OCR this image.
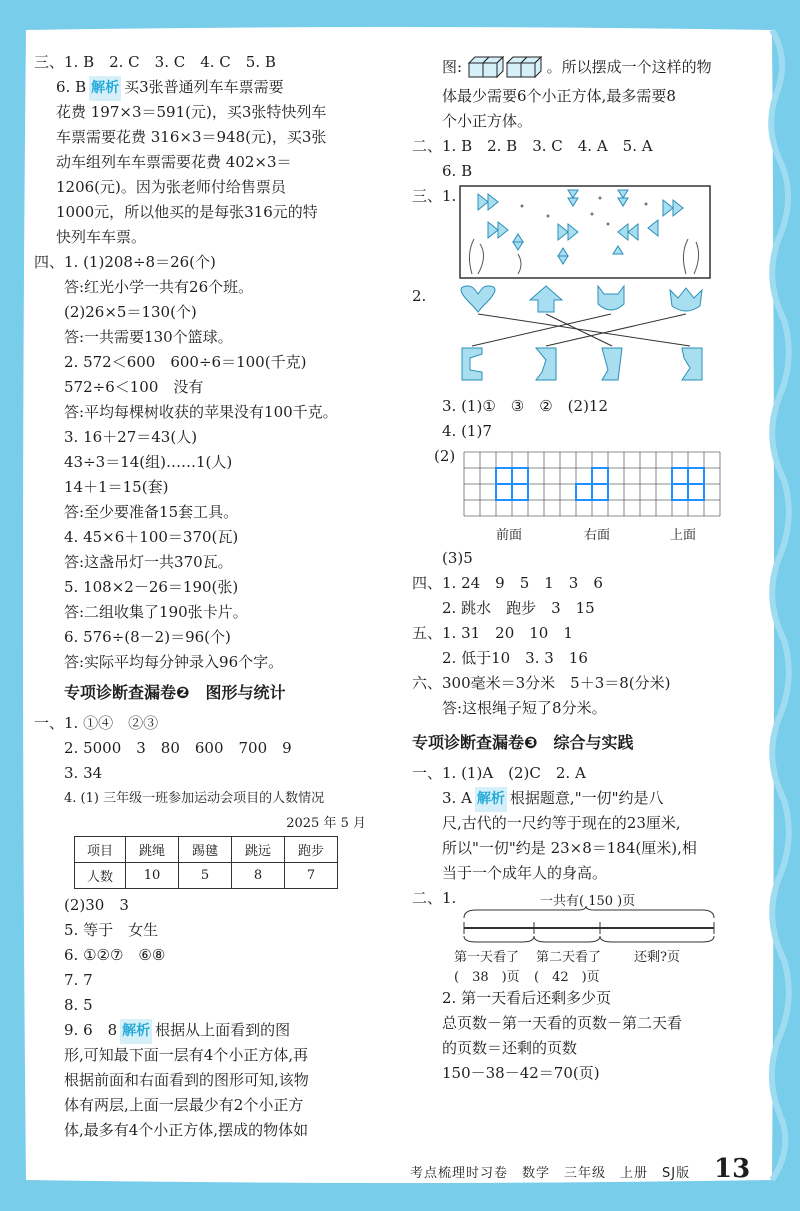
三、1. B　2. C　3. C　4. C　5. B
6. B 解析 买3张普通列车车票需要
花费 197×3＝591(元)，买3张特快列车
车票需要花费 316×3＝948(元)，买3张
动车组列车车票需要花费 402×3＝
1206(元)。因为张老师付给售票员
1000元，所以他买的是每张316元的特
快列车车票。
四、1. (1)208÷8＝26(个)
答:红光小学一共有26个班。
(2)26×5＝130(个)
答:一共需要130个篮球。
2. 572＜600　600÷6＝100(千克)
572÷6＜100　没有
答:平均每棵树收获的苹果没有100千克。
3. 16＋27＝43(人)
43÷3＝14(组)……1(人)
14＋1＝15(套)
答:至少要准备15套工具。
4. 45×6＋100＝370(瓦)
答:这盏吊灯一共370瓦。
5. 108×2－26＝190(张)
答:二组收集了190张卡片。
6. 576÷(8－2)＝96(个)
答:实际平均每分钟录入96个字。
专项诊断查漏卷❷　图形与统计
一、1. ①④　②③
2. 5000　3　80　600　700　9
3. 34
4. (1) 三年级一班参加运动会项目的人数情况
2025 年 5 月
项目	跳绳	踢毽	跳远	跑步
人数	10	5	8	7
(2)30　3
5. 等于　女生
6. ①②⑦　⑥⑧
7. 7
8. 5
9. 6　8 解析 根据从上面看到的图
形,可知最下面一层有4个小正方体,再
根据前面和右面看到的图形可知,该物
体有两层,上面一层最少有2个小正方
体,最多有4个小正方体,摆成的物体如
图:	。所以摆成一个这样的物
体最少需要6个小正方体,最多需要8
个小正方体。
二、1. B　2. B　3. C　4. A　5. A
6. B
三、1.
2.
3. (1)①　③　②　(2)12
4. (1)7
(2)
前面	右面	上面
(3)5
四、1. 24　9　5　1　3　6
2. 跳水　跑步　3　15
五、1. 31　20　10　1
2. 低于10　3. 3　16
六、300毫米＝3分米　5＋3＝8(分米)
答:这根绳子短了8分米。
专项诊断查漏卷❸　综合与实践
一、1. (1)A　(2)C　2. A
3. A 解析 根据题意,"一仞"约是八
尺,古代的一尺约等于现在的23厘米,
所以"一仞"约是 23×8＝184(厘米),相
当于一个成年人的身高。
二、1.	一共有( 150 )页
第一天看了 第二天看了	还剩?页
(　38　)页 (　42　)页
2. 第一天看后还剩多少页
总页数－第一天看的页数－第二天看
的页数＝还剩的页数
150－38－42＝70(页)
考点梳理时习卷　数学　三年级　上册　SJ版 13
